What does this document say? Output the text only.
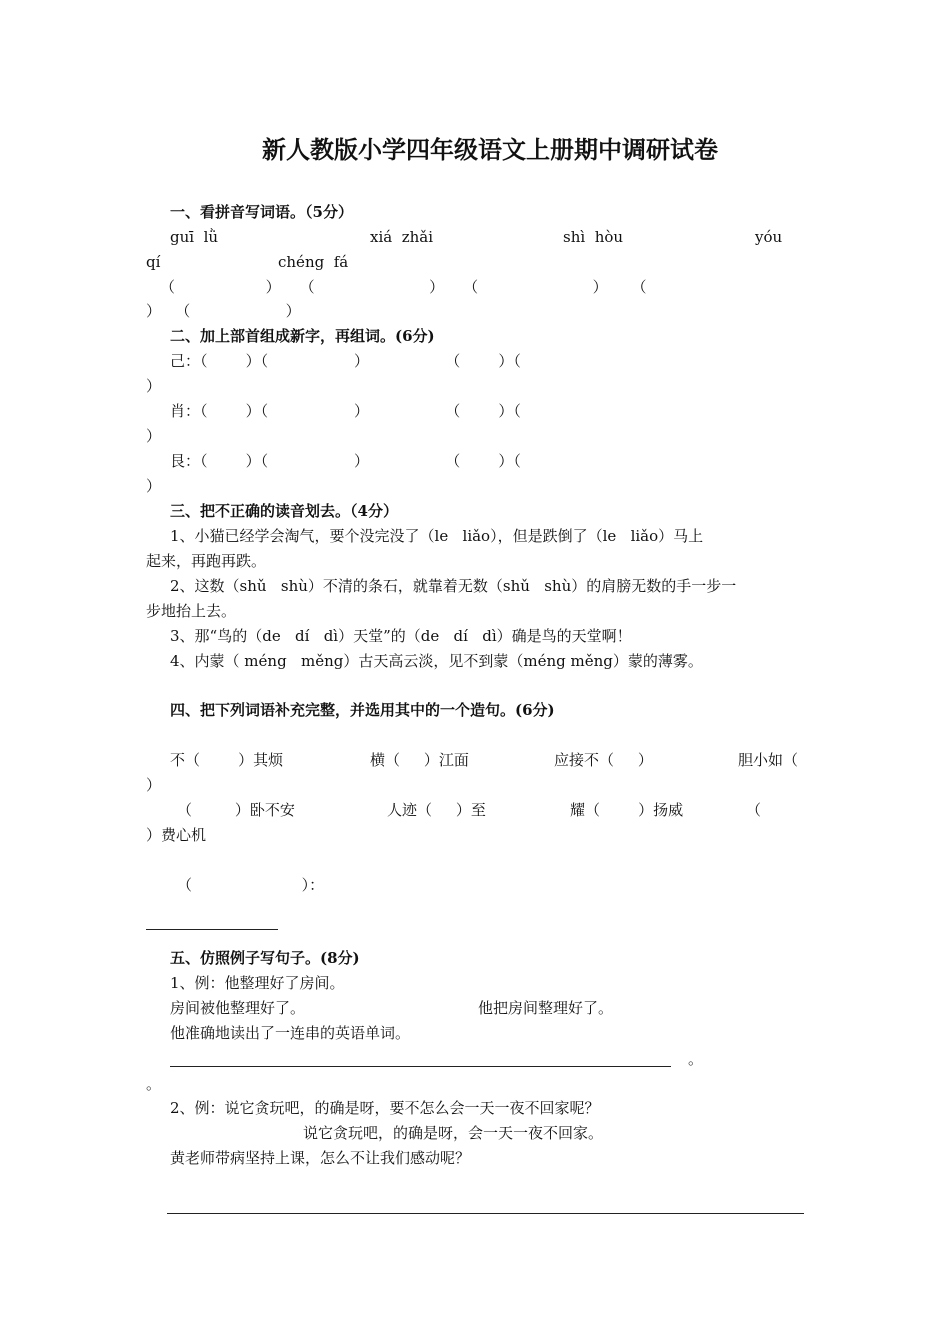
新人教版小学四年级语文上册期中调研试卷
一、看拼音写词语。（5分）
guī  lǜ	xiá  zhǎi	shì  hòu	yóu
qí	chéng  fá
（                   ）    （                        ）    （                        ）     （
）   （                    ）
二、加上部首组成新字，再组词。(6分)
己：（        ）（                  ）                （        ）（
）
肖：（        ）（                  ）                （        ）（
）
艮：（        ）（                  ）                （        ）（
）
三、把不正确的读音划去。（4分）
1、小猫已经学会淘气，要个没完没了（le   liǎo），但是跌倒了（le   liǎo）马上
起来，再跑再跌。
2、这数（shǔ   shù）不清的条石，就靠着无数（shǔ   shù）的肩膀无数的手一步一
步地抬上去。
3、那“鸟的（de   dí   dì）天堂”的（de   dí   dì）确是鸟的天堂啊！
4、内蒙（ méng   měng）古天高云淡，见不到蒙（méng měng）蒙的薄雾。
四、把下列词语补充完整，并选用其中的一个造句。(6分)
不（        ）其烦	横（     ）江面	应接不（     ）	胆小如（
）
（         ）卧不安	人迹（     ）至	耀（        ）扬威	（
）费心机
（                       ）：
五、仿照例子写句子。(8分)
1、例：他整理好了房间。
房间被他整理好了。	他把房间整理好了。
他准确地读出了一连串的英语单词。
。
。
2、例：说它贪玩吧，的确是呀，要不怎么会一天一夜不回家呢？
说它贪玩吧，的确是呀，会一天一夜不回家。
黄老师带病坚持上课，怎么不让我们感动呢？
